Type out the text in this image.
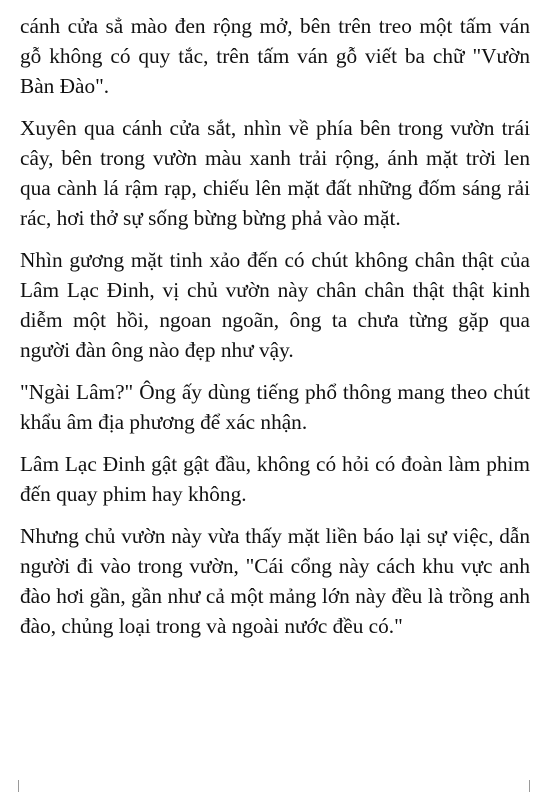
cánh cửa sẳ mào đen rộng mở, bên trên treo một tấm ván gỗ không có quy tắc, trên tấm ván gỗ viết ba chữ "Vườn Bàn Đào".

Xuyên qua cánh cửa sắt, nhìn về phía bên trong vườn trái cây, bên trong vườn màu xanh trải rộng, ánh mặt trời len qua cành lá rậm rạp, chiếu lên mặt đất những đốm sáng rải rác, hơi thở sự sống bừng bừng phả vào mặt.

Nhìn gương mặt tinh xảo đến có chút không chân thật của Lâm Lạc Đinh, vị chủ vườn này chân chân thật thật kinh diễm một hồi, ngoan ngoãn, ông ta chưa từng gặp qua người đàn ông nào đẹp như vậy.

"Ngài Lâm?" Ông ấy dùng tiếng phổ thông mang theo chút khẩu âm địa phương để xác nhận.

Lâm Lạc Đinh gật gật đầu, không có hỏi có đoàn làm phim đến quay phim hay không.

Nhưng chủ vườn này vừa thấy mặt liền báo lại sự việc, dẫn người đi vào trong vườn, "Cái cổng này cách khu vực anh đào hơi gần, gần như cả một mảng lớn này đều là trồng anh đào, chủng loại trong và ngoài nước đều có."
